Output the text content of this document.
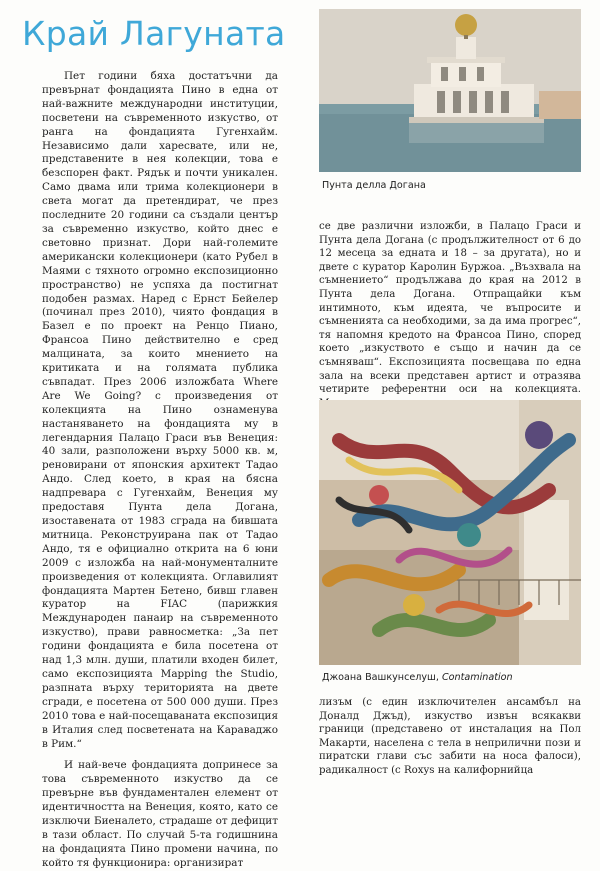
Край Лагуната

Пет години бяха достатъчни да превърнат фондацията Пино в една от най-важните международни институции, посветени на съвременното изкуство, от ранга на фондацията Гугенхайм. Независимо дали харесвате, или не, представените в нея колекции, това е безспорен факт. Рядък и почти уникален. Само двама или трима колекционери в света могат да претендират, че през последните 20 години са създали център за съвременно изкуство, който днес е световно признат. Дори най-големите американски колекционери (като Рубел в Маями с тяхното огромно експозиционно пространство) не успяха да постигнат подобен размах. Наред с Ернст Бейелер (починал през 2010), чиято фондация в Базел е по проект на Ренцо Пиано, Франсоа Пино действително е сред малцината, за които мнението на критиката и на голямата публика съвпадат. През 2006 изложбата Where Are We Going? с произведения от колекцията на Пино ознаменува настаняването на фондацията му в легендарния Палацо Граси във Венеция: 40 зали, разположени върху 5000 кв. м, реновирани от японския архитект Тадао Андо. След което, в края на бясна надпревара с Гугенхайм, Венеция му предоставя Пунта дела Догана, изоставената от 1983 сграда на бившата митница. Реконструирана пак от Тадао Андо, тя е официално открита на 6 юни 2009 с изложба на най-монументалните произведения от колекцията. Оглавилият фондацията Мартен Бетено, бивш главен куратор на FIAC (парижкия Международен панаир на съвременното изкуство), прави равносметка: „За пет години фондацията е била посетена от над 1,3 млн. души, платили входен билет, само експозицията Mapping the Studio, разпната върху територията на двете сгради, е посетена от 500 000 души. През 2010 това е най-посещаваната експозиция в Италия след посветената на Караваджо в Рим.“

И най-вече фондацията допринесе за това съвременното изкуство да се превърне във фундаментален елемент от идентичността на Венеция, която, като се изключи Биеналето, страдаше от дефицит в тази област. По случай 5-та годишнина на фондацията Пино промени начина, по който тя функционира: организират

Пунта делла Догана

се две различни изложби, в Палацо Граси и Пунта дела Догана (с продължителност от 6 до 12 месеца за едната и 18 – за другата), но и двете с куратор Каролин Буржоа. „Възхвала на съмнението“ продължава до края на 2012 в Пунта дела Догана. Отпращайки към интимното, към идеята, че въпросите и съмненията са необходими, за да има прогрес“, тя напомня кредото на Франсоа Пино, според което „изкуството е също и начин да се съмняваш“. Експозицията посвещава по една зала на всеки представен артист и отразява четирите референтни оси на колекцията.

Джоана Вашкунселуш, Contamination

лизъм (с един изключителен ансамбъл на Доналд Джъд), изкуство извън всякакви граници (представено от инсталация на Пол Макарти, населена с тела в неприлични пози и пиратски глави със забити на носа фалоси), радикалност (с Roxys на калифорнийца
